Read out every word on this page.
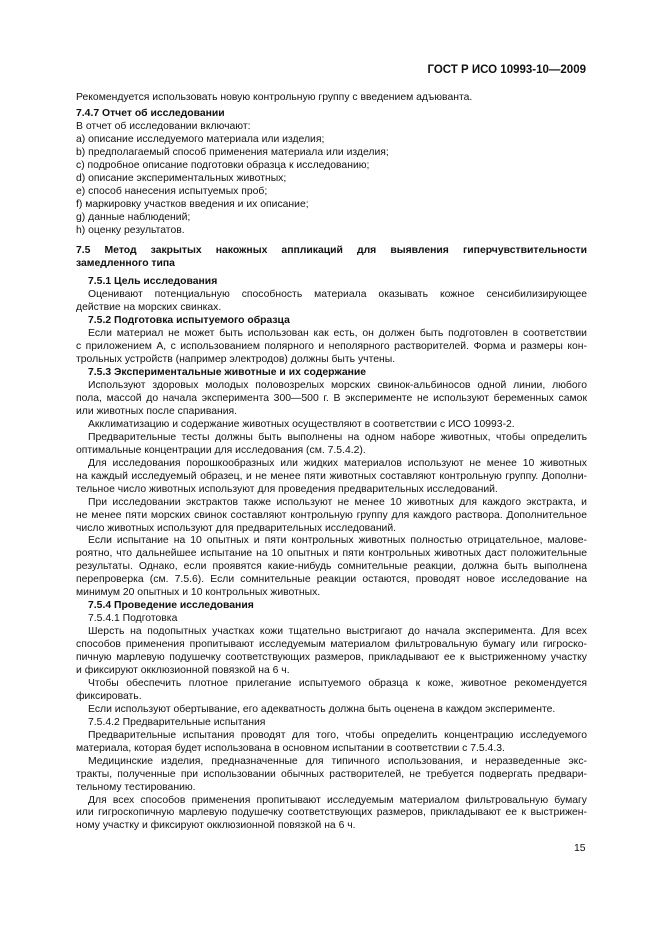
ГОСТ Р ИСО 10993-10—2009
Рекомендуется использовать новую контрольную группу с введением адъюванта.
7.4.7 Отчет об исследовании
В отчет об исследовании включают:
a) описание исследуемого материала или изделия;
b) предполагаемый способ применения материала или изделия;
c) подробное описание подготовки образца к исследованию;
d) описание экспериментальных животных;
e) способ нанесения испытуемых проб;
f) маркировку участков введения и их описание;
g) данные наблюдений;
h) оценку результатов.
7.5 Метод закрытых накожных аппликаций для выявления гиперчувствительности
замедленного типа
7.5.1 Цель исследования
Оценивают потенциальную способность материала оказывать кожное сенсибилизирующее
действие на морских свинках.
7.5.2 Подготовка испытуемого образца
Если материал не может быть использован как есть, он должен быть подготовлен в соответствии
с приложением А, с использованием полярного и неполярного растворителей. Форма и размеры кон-
трольных устройств (например электродов) должны быть учтены.
7.5.3 Экспериментальные животные и их содержание
Используют здоровых молодых половозрелых морских свинок-альбиносов одной линии, любого
пола, массой до начала эксперимента 300—500 г. В эксперименте не используют беременных самок
или животных после спаривания.
Акклиматизацию и содержание животных осуществляют в соответствии с ИСО 10993-2.
Предварительные тесты должны быть выполнены на одном наборе животных, чтобы определить
оптимальные концентрации для исследования (см. 7.5.4.2).
Для исследования порошкообразных или жидких материалов используют не менее 10 животных
на каждый исследуемый образец, и не менее пяти животных составляют контрольную группу. Дополни-
тельное число животных используют для проведения предварительных исследований.
При исследовании экстрактов также используют не менее 10 животных для каждого экстракта, и
не менее пяти морских свинок составляют контрольную группу для каждого раствора. Дополнительное
число животных используют для предварительных исследований.
Если испытание на 10 опытных и пяти контрольных животных полностью отрицательное, малове-
роятно, что дальнейшее испытание на 10 опытных и пяти контрольных животных даст положительные
результаты. Однако, если проявятся какие-нибудь сомнительные реакции, должна быть выполнена
перепроверка (см. 7.5.6). Если сомнительные реакции остаются, проводят новое исследование на
минимум 20 опытных и 10 контрольных животных.
7.5.4 Проведение исследования
7.5.4.1 Подготовка
Шерсть на подопытных участках кожи тщательно выстригают до начала эксперимента. Для всех
способов применения пропитывают исследуемым материалом фильтровальную бумагу или гигроско-
пичную марлевую подушечку соответствующих размеров, прикладывают ее к выстриженному участку
и фиксируют окклюзионной повязкой на 6 ч.
Чтобы обеспечить плотное прилегание испытуемого образца к коже, животное рекомендуется
фиксировать.
Если используют обертывание, его адекватность должна быть оценена в каждом эксперименте.
7.5.4.2 Предварительные испытания
Предварительные испытания проводят для того, чтобы определить концентрацию исследуемого
материала, которая будет использована в основном испытании в соответствии с 7.5.4.3.
Медицинские изделия, предназначенные для типичного использования, и неразведенные экс-
тракты, полученные при использовании обычных растворителей, не требуется подвергать предвари-
тельному тестированию.
Для всех способов применения пропитывают исследуемым материалом фильтровальную бумагу
или гигроскопичную марлевую подушечку соответствующих размеров, прикладывают ее к выстрижен-
ному участку и фиксируют окклюзионной повязкой на 6 ч.
15
